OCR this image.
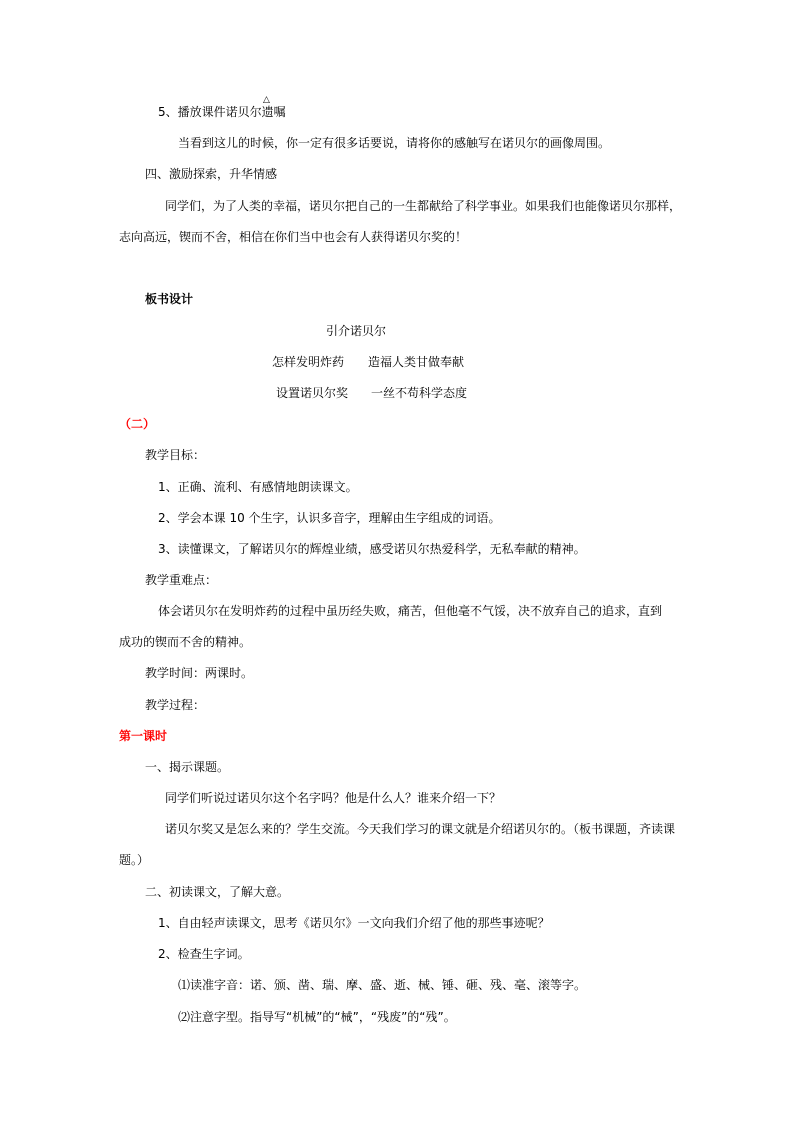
△
5、播放课件诺贝尔遗嘱
当看到这儿的时候，你一定有很多话要说，请将你的感触写在诺贝尔的画像周围。
四、激励探索，升华情感
同学们，为了人类的幸福，诺贝尔把自己的一生都献给了科学事业。如果我们也能像诺贝尔那样，
志向高远，锲而不舍，相信在你们当中也会有人获得诺贝尔奖的！
板书设计
引介诺贝尔
怎样发明炸药 造福人类甘做奉献
设置诺贝尔奖 一丝不苟科学态度
（二）
教学目标：
1、正确、流利、有感情地朗读课文。
2、学会本课 10 个生字，认识多音字，理解由生字组成的词语。
3、读懂课文，了解诺贝尔的辉煌业绩，感受诺贝尔热爱科学，无私奉献的精神。
教学重难点：
体会诺贝尔在发明炸药的过程中虽历经失败，痛苦，但他毫不气馁，决不放弃自己的追求，直到
成功的锲而不舍的精神。
教学时间：两课时。
教学过程：
第一课时
一、揭示课题。
同学们听说过诺贝尔这个名字吗？他是什么人？谁来介绍一下？
诺贝尔奖又是怎么来的？学生交流。今天我们学习的课文就是介绍诺贝尔的。（板书课题，齐读课
题。）
二、初读课文，了解大意。
1、自由轻声读课文，思考《诺贝尔》一文向我们介绍了他的那些事迹呢？
2、检查生字词。
⑴读准字音：诺、颁、凿、瑞、摩、盛、逝、械、锤、砸、残、毫、滚等字。
⑵注意字型。指导写“机械”的“械”，“残废”的“残”。
